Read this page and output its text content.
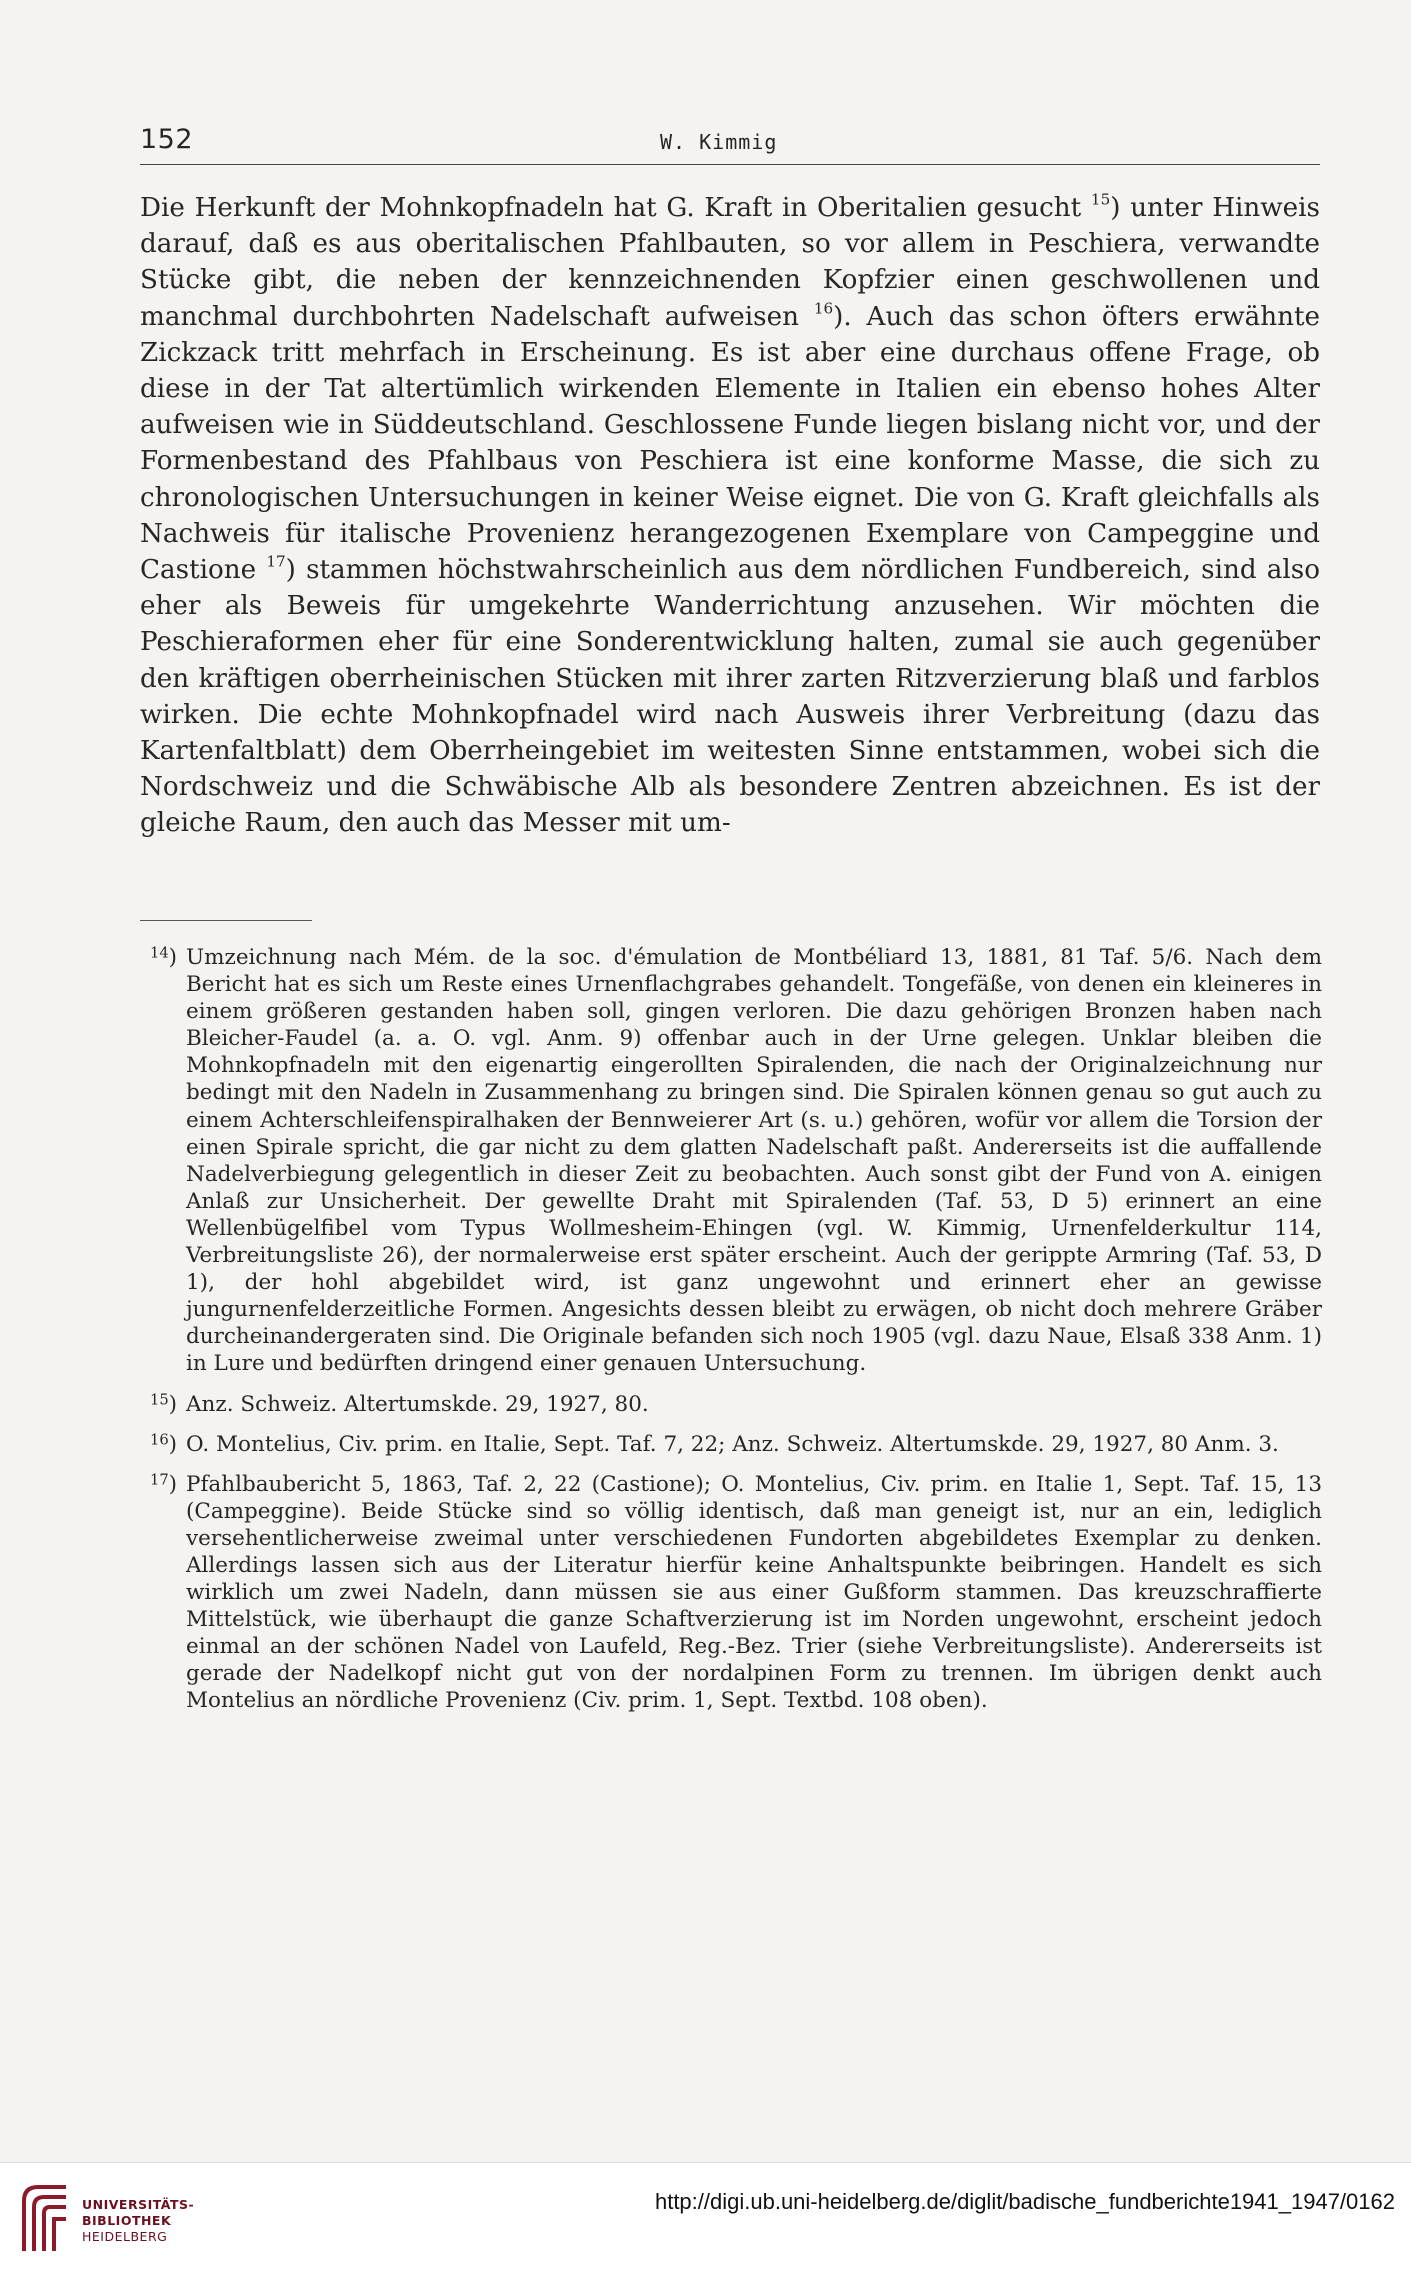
152	W. Kimmig

Die Herkunft der Mohnkopfnadeln hat G. Kraft in Oberitalien gesucht $^{15}$) unter Hinweis darauf, daß es aus oberitalischen Pfahlbauten, so vor allem in Peschiera, verwandte Stücke gibt, die neben der kennzeichnenden Kopfzier einen geschwollenen und manchmal durchbohrten Nadelschaft aufweisen $^{16}$). Auch das schon öfters erwähnte Zickzack tritt mehrfach in Erscheinung. Es ist aber eine durchaus offene Frage, ob diese in der Tat altertümlich wirkenden Elemente in Italien ein ebenso hohes Alter aufweisen wie in Süddeutschland. Geschlossene Funde liegen bislang nicht vor, und der Formenbestand des Pfahlbaus von Peschiera ist eine konforme Masse, die sich zu chronologischen Untersuchungen in keiner Weise eignet. Die von G. Kraft gleichfalls als Nachweis für italische Provenienz herangezogenen Exemplare von Campeggine und Castione $^{17}$) stammen höchstwahrscheinlich aus dem nördlichen Fundbereich, sind also eher als Beweis für umgekehrte Wanderrichtung anzusehen. Wir möchten die Peschieraformen eher für eine Sonderentwicklung halten, zumal sie auch gegenüber den kräftigen oberrheinischen Stücken mit ihrer zarten Ritzverzierung blaß und farblos wirken. Die echte Mohnkopfnadel wird nach Ausweis ihrer Verbreitung (dazu das Kartenfaltblatt) dem Oberrheingebiet im weitesten Sinne entstammen, wobei sich die Nordschweiz und die Schwäbische Alb als besondere Zentren abzeichnen. Es ist der gleiche Raum, den auch das Messer mit um-

$^{14}$) Umzeichnung nach Mém. de la soc. d'émulation de Montbéliard 13, 1881, 81 Taf. 5/6. Nach dem Bericht hat es sich um Reste eines Urnenflachgrabes gehandelt. Tongefäße, von denen ein kleineres in einem größeren gestanden haben soll, gingen verloren. Die dazu gehörigen Bronzen haben nach Bleicher-Faudel (a. a. O. vgl. Anm. 9) offenbar auch in der Urne gelegen. Unklar bleiben die Mohnkopfnadeln mit den eigenartig eingerollten Spiralenden, die nach der Originalzeichnung nur bedingt mit den Nadeln in Zusammenhang zu bringen sind. Die Spiralen können genau so gut auch zu einem Achterschleifenspiralhaken der Bennweierer Art (s. u.) gehören, wofür vor allem die Torsion der einen Spirale spricht, die gar nicht zu dem glatten Nadelschaft paßt. Andererseits ist die auffallende Nadelverbiegung gelegentlich in dieser Zeit zu beobachten. Auch sonst gibt der Fund von A. einigen Anlaß zur Unsicherheit. Der gewellte Draht mit Spiralenden (Taf. 53, D 5) erinnert an eine Wellenbügelfibel vom Typus Wollmesheim-Ehingen (vgl. W. Kimmig, Urnenfelderkultur 114, Verbreitungsliste 26), der normalerweise erst später erscheint. Auch der gerippte Armring (Taf. 53, D 1), der hohl abgebildet wird, ist ganz ungewohnt und erinnert eher an gewisse jungurnenfelderzeitliche Formen. Angesichts dessen bleibt zu erwägen, ob nicht doch mehrere Gräber durcheinandergeraten sind. Die Originale befanden sich noch 1905 (vgl. dazu Naue, Elsaß 338 Anm. 1) in Lure und bedürften dringend einer genauen Untersuchung.
$^{15}$) Anz. Schweiz. Altertumskde. 29, 1927, 80.
$^{16}$) O. Montelius, Civ. prim. en Italie, Sept. Taf. 7, 22; Anz. Schweiz. Altertumskde. 29, 1927, 80 Anm. 3.
$^{17}$) Pfahlbaubericht 5, 1863, Taf. 2, 22 (Castione); O. Montelius, Civ. prim. en Italie 1, Sept. Taf. 15, 13 (Campeggine). Beide Stücke sind so völlig identisch, daß man geneigt ist, nur an ein, lediglich versehentlicherweise zweimal unter verschiedenen Fundorten abgebildetes Exemplar zu denken. Allerdings lassen sich aus der Literatur hierfür keine Anhaltspunkte beibringen. Handelt es sich wirklich um zwei Nadeln, dann müssen sie aus einer Gußform stammen. Das kreuzschraffierte Mittelstück, wie überhaupt die ganze Schaftverzierung ist im Norden ungewohnt, erscheint jedoch einmal an der schönen Nadel von Laufeld, Reg.-Bez. Trier (siehe Verbreitungsliste). Andererseits ist gerade der Nadelkopf nicht gut von der nordalpinen Form zu trennen. Im übrigen denkt auch Montelius an nördliche Provenienz (Civ. prim. 1, Sept. Textbd. 108 oben).
UNIVERSITÄTS-
BIBLIOTHEK
HEIDELBERG
http://digi.ub.uni-heidelberg.de/diglit/badische_fundberichte1941_1947/0162
